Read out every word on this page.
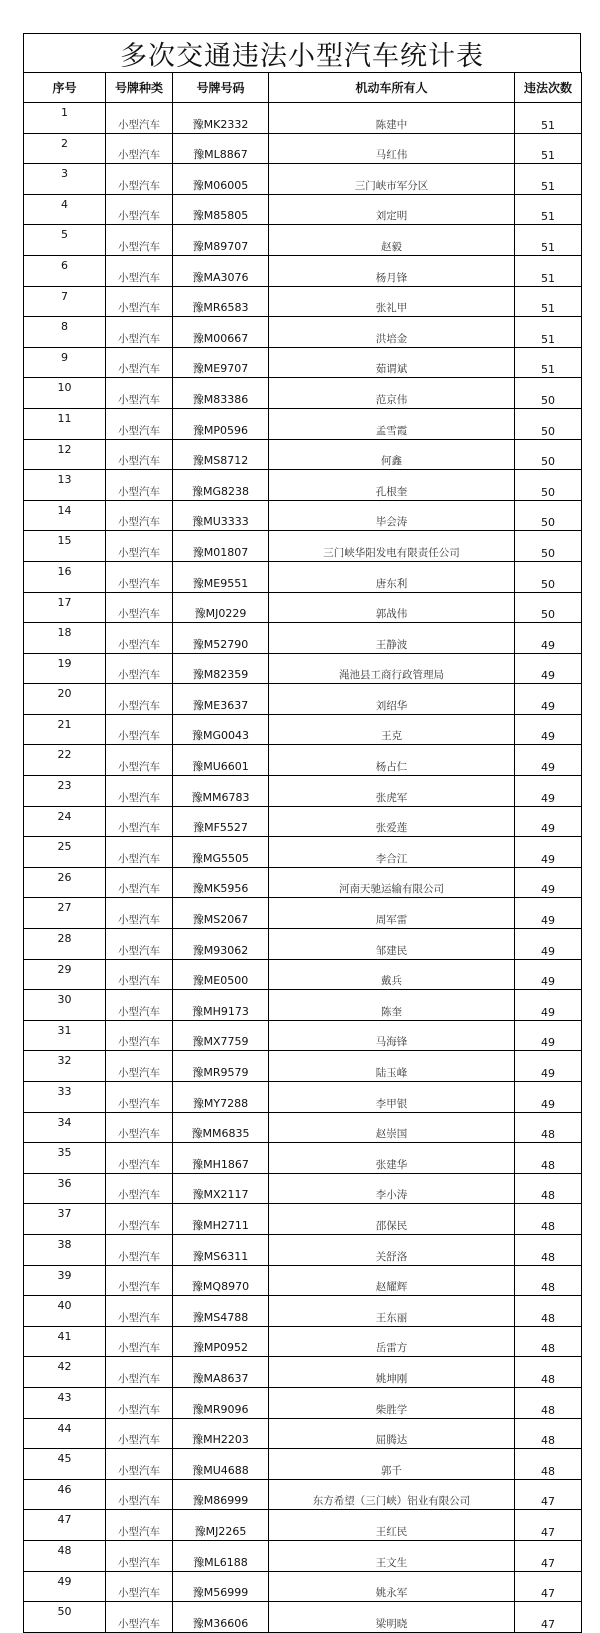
多次交通违法小型汽车统计表
序号	号牌种类	号牌号码	机动车所有人	违法次数
1	小型汽车	豫MK2332	陈建中	51
2	小型汽车	豫ML8867	马红伟	51
3	小型汽车	豫M06005	三门峡市军分区	51
4	小型汽车	豫M85805	刘定明	51
5	小型汽车	豫M89707	赵毅	51
6	小型汽车	豫MA3076	杨月锋	51
7	小型汽车	豫MR6583	张礼甲	51
8	小型汽车	豫M00667	洪培金	51
9	小型汽车	豫ME9707	茹谓斌	51
10	小型汽车	豫M83386	范京伟	50
11	小型汽车	豫MP0596	孟雪霞	50
12	小型汽车	豫MS8712	何鑫	50
13	小型汽车	豫MG8238	孔根奎	50
14	小型汽车	豫MU3333	毕会涛	50
15	小型汽车	豫M01807	三门峡华阳发电有限责任公司	50
16	小型汽车	豫ME9551	唐东利	50
17	小型汽车	豫MJ0229	郭战伟	50
18	小型汽车	豫M52790	王静波	49
19	小型汽车	豫M82359	渑池县工商行政管理局	49
20	小型汽车	豫ME3637	刘绍华	49
21	小型汽车	豫MG0043	王克	49
22	小型汽车	豫MU6601	杨占仁	49
23	小型汽车	豫MM6783	张虎军	49
24	小型汽车	豫MF5527	张爱莲	49
25	小型汽车	豫MG5505	李合江	49
26	小型汽车	豫MK5956	河南天驰运输有限公司	49
27	小型汽车	豫MS2067	周军雷	49
28	小型汽车	豫M93062	邹建民	49
29	小型汽车	豫ME0500	戴兵	49
30	小型汽车	豫MH9173	陈奎	49
31	小型汽车	豫MX7759	马海锋	49
32	小型汽车	豫MR9579	陆玉峰	49
33	小型汽车	豫MY7288	李甲银	49
34	小型汽车	豫MM6835	赵崇国	48
35	小型汽车	豫MH1867	张建华	48
36	小型汽车	豫MX2117	李小涛	48
37	小型汽车	豫MH2711	邵保民	48
38	小型汽车	豫MS6311	关舒洛	48
39	小型汽车	豫MQ8970	赵耀辉	48
40	小型汽车	豫MS4788	王东丽	48
41	小型汽车	豫MP0952	岳雷方	48
42	小型汽车	豫MA8637	姚坤刚	48
43	小型汽车	豫MR9096	柴胜学	48
44	小型汽车	豫MH2203	屈腾达	48
45	小型汽车	豫MU4688	郭千	48
46	小型汽车	豫M86999	东方希望（三门峡）铝业有限公司	47
47	小型汽车	豫MJ2265	王红民	47
48	小型汽车	豫ML6188	王文生	47
49	小型汽车	豫M56999	姚永军	47
50	小型汽车	豫M36606	梁明晓	47
